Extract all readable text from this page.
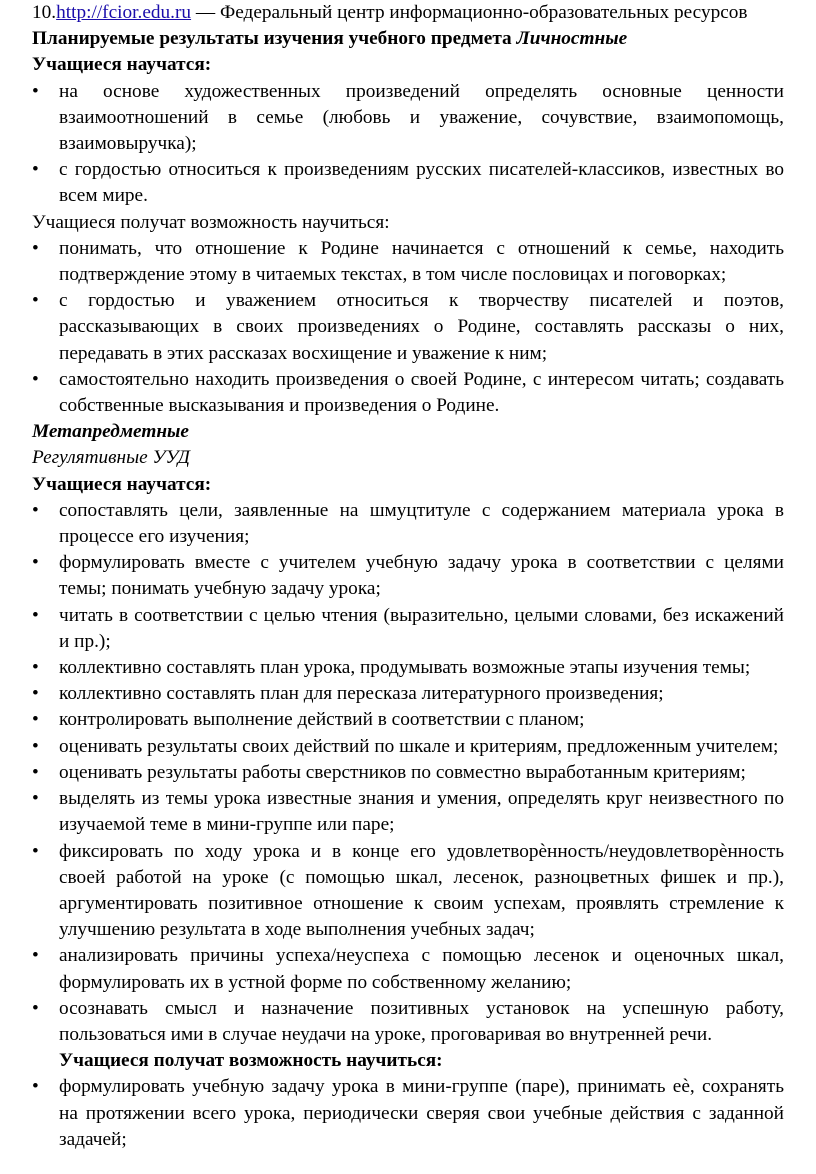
10.http://fcior.edu.ru — Федеральный центр информационно-образовательных ресурсов

Планируемые результаты изучения учебного предмета Личностные

Учащиеся научатся:

• на основе художественных произведений определять основные ценности взаимоотношений в семье (любовь и уважение, сочувствие, взаимопомощь, взаимовыручка);
• с гордостью относиться к произведениям русских писателей-классиков, известных во всем мире.

Учащиеся получат возможность научиться:

• понимать, что отношение к Родине начинается с отношений к семье, находить подтверждение этому в читаемых текстах, в том числе пословицах и поговорках;
• с гордостью и уважением относиться к творчеству писателей и поэтов, рассказывающих в своих произведениях о Родине, составлять рассказы о них, передавать в этих рассказах восхищение и уважение к ним;
• самостоятельно находить произведения о своей Родине, с интересом читать; создавать собственные высказывания и произведения о Родине.

Метапредметные

Регулятивные УУД

Учащиеся научатся:

• сопоставлять цели, заявленные на шмуцтитуле с содержанием материала урока в процессе его изучения;
• формулировать вместе с учителем учебную задачу урока в соответствии с целями темы; понимать учебную задачу урока;
• читать в соответствии с целью чтения (выразительно, целыми словами, без искажений и пр.);
• коллективно составлять план урока, продумывать возможные этапы изучения темы;
• коллективно составлять план для пересказа литературного произведения;
• контролировать выполнение действий в соответствии с планом;
• оценивать результаты своих действий по шкале и критериям, предложенным учителем;
• оценивать результаты работы сверстников по совместно выработанным критериям;
• выделять из темы урока известные знания и умения, определять круг неизвестного по изучаемой теме в мини-группе или паре;
• фиксировать по ходу урока и в конце его удовлетворѐнность/неудовлетворѐнность своей работой на уроке (с помощью шкал, лесенок, разноцветных фишек и пр.), аргументировать позитивное отношение к своим успехам, проявлять стремление к улучшению результата в ходе выполнения учебных задач;
• анализировать причины успеха/неуспеха с помощью лесенок и оценочных шкал, формулировать их в устной форме по собственному желанию;
• осознавать смысл и назначение позитивных установок на успешную работу, пользоваться ими в случае неудачи на уроке, проговаривая во внутренней речи.
Учащиеся получат возможность научиться:
• формулировать учебную задачу урока в мини-группе (паре), принимать еѐ, сохранять на протяжении всего урока, периодически сверяя свои учебные действия с заданной задачей;
